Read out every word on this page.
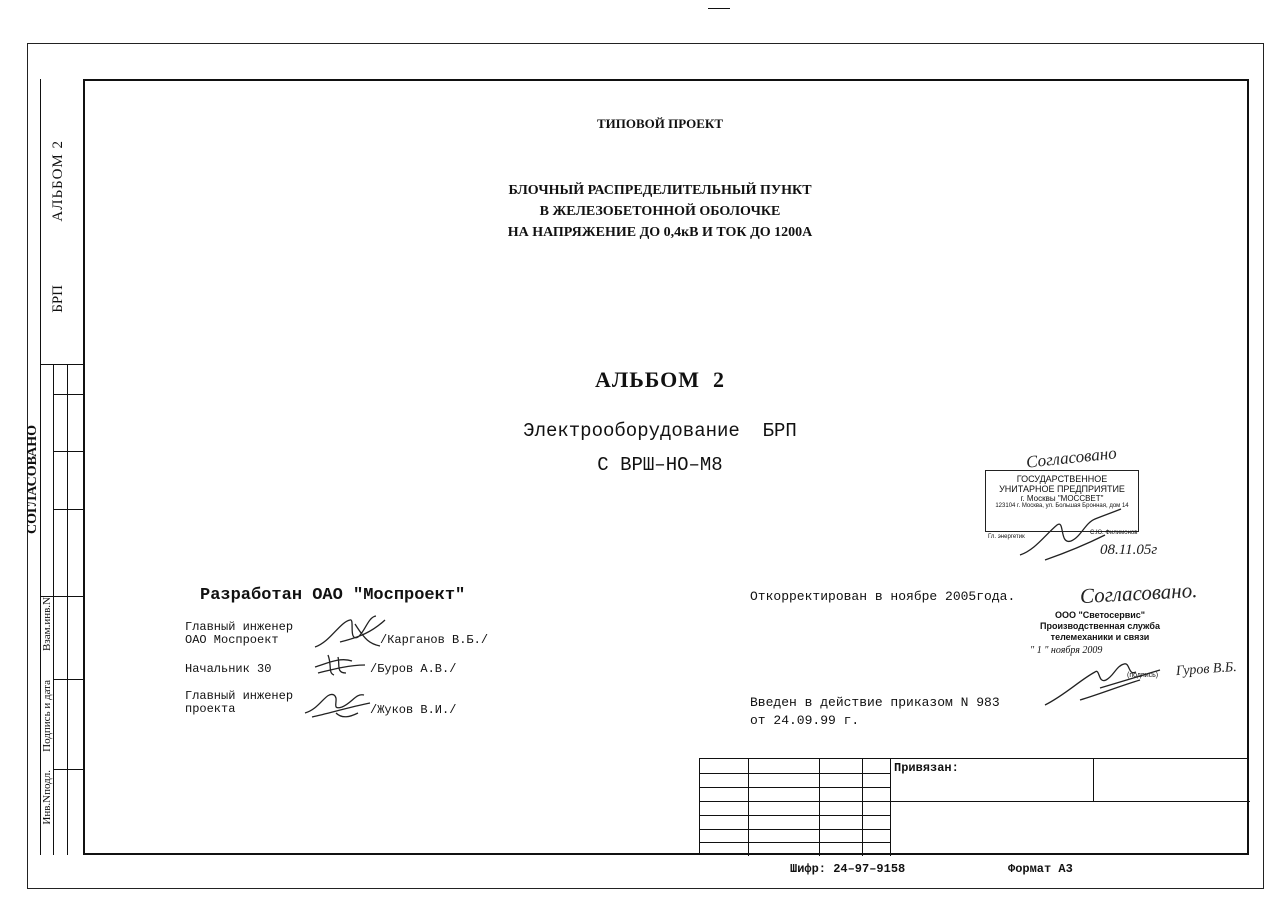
АЛЬБОМ 2
БРП
СОГЛАСОВАНО
Инв.Nподл.
Подпись и дата
Взам.инв.N
ТИПОВОЙ ПРОЕКТ
БЛОЧНЫЙ РАСПРЕДЕЛИТЕЛЬНЫЙ ПУНКТ
В ЖЕЛЕЗОБЕТОННОЙ ОБОЛОЧКЕ
НА НАПРЯЖЕНИЕ ДО 0,4кВ И ТОК ДО 1200А
АЛЬБОМ  2
Электрооборудование  БРП
С ВРШ–НО–М8
Разработан ОАО "Моспроект"
Главный инженер
ОАО Моспроект	/Карганов В.Б./
Начальник 30	/Буров А.В./
Главный инженер
проекта	/Жуков В.И./
Откорректирован в ноябре 2005года.
Введен в действие приказом N 983
от 24.09.99 г.
Согласовано
Согласовано.
08.11.05г
Гуров В.Б.
ГОСУДАРСТВЕННОЕ
УНИТАРНОЕ ПРЕДПРИЯТИЕ
г. Москвы "МОССВЕТ"
123104 г. Москва, ул. Большая Бронная, дом 14
Гл. энергетик
С.Ю. Филимонов
ООО "Светосервис"
Производственная служба
телемеханики и связи
" 1 " ноября 2009
(подпись)
Привязан:
Шифр: 24–97–9158	Формат А3
